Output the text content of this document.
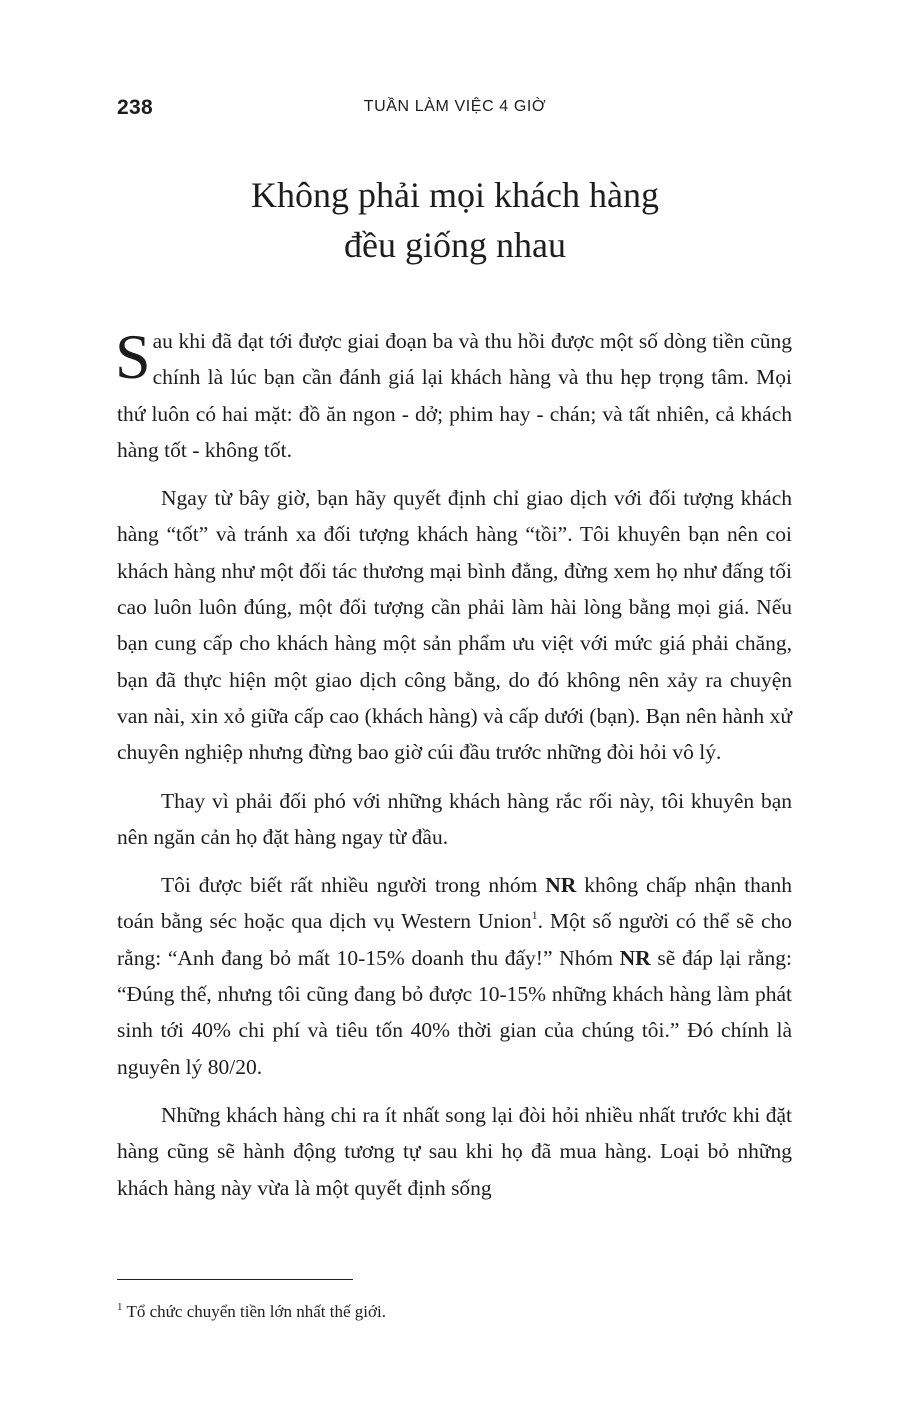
238	TUẦN LÀM VIỆC 4 GIỜ
Không phải mọi khách hàng
đều giống nhau

Sau khi đã đạt tới được giai đoạn ba và thu hồi được một số dòng tiền cũng chính là lúc bạn cần đánh giá lại khách hàng và thu hẹp trọng tâm. Mọi thứ luôn có hai mặt: đồ ăn ngon - dở; phim hay - chán; và tất nhiên, cả khách hàng tốt - không tốt.

Ngay từ bây giờ, bạn hãy quyết định chỉ giao dịch với đối tượng khách hàng “tốt” và tránh xa đối tượng khách hàng “tồi”. Tôi khuyên bạn nên coi khách hàng như một đối tác thương mại bình đẳng, đừng xem họ như đấng tối cao luôn luôn đúng, một đối tượng cần phải làm hài lòng bằng mọi giá. Nếu bạn cung cấp cho khách hàng một sản phẩm ưu việt với mức giá phải chăng, bạn đã thực hiện một giao dịch công bằng, do đó không nên xảy ra chuyện van nài, xin xỏ giữa cấp cao (khách hàng) và cấp dưới (bạn). Bạn nên hành xử chuyên nghiệp nhưng đừng bao giờ cúi đầu trước những đòi hỏi vô lý.

Thay vì phải đối phó với những khách hàng rắc rối này, tôi khuyên bạn nên ngăn cản họ đặt hàng ngay từ đầu.

Tôi được biết rất nhiều người trong nhóm NR không chấp nhận thanh toán bằng séc hoặc qua dịch vụ Western Union$^1$. Một số người có thể sẽ cho rằng: “Anh đang bỏ mất 10-15% doanh thu đấy!” Nhóm NR sẽ đáp lại rằng: “Đúng thế, nhưng tôi cũng đang bỏ được 10-15% những khách hàng làm phát sinh tới 40% chi phí và tiêu tốn 40% thời gian của chúng tôi.” Đó chính là nguyên lý 80/20.

Những khách hàng chi ra ít nhất song lại đòi hỏi nhiều nhất trước khi đặt hàng cũng sẽ hành động tương tự sau khi họ đã mua hàng. Loại bỏ những khách hàng này vừa là một quyết định sống

$^1$ Tổ chức chuyển tiền lớn nhất thế giới.
